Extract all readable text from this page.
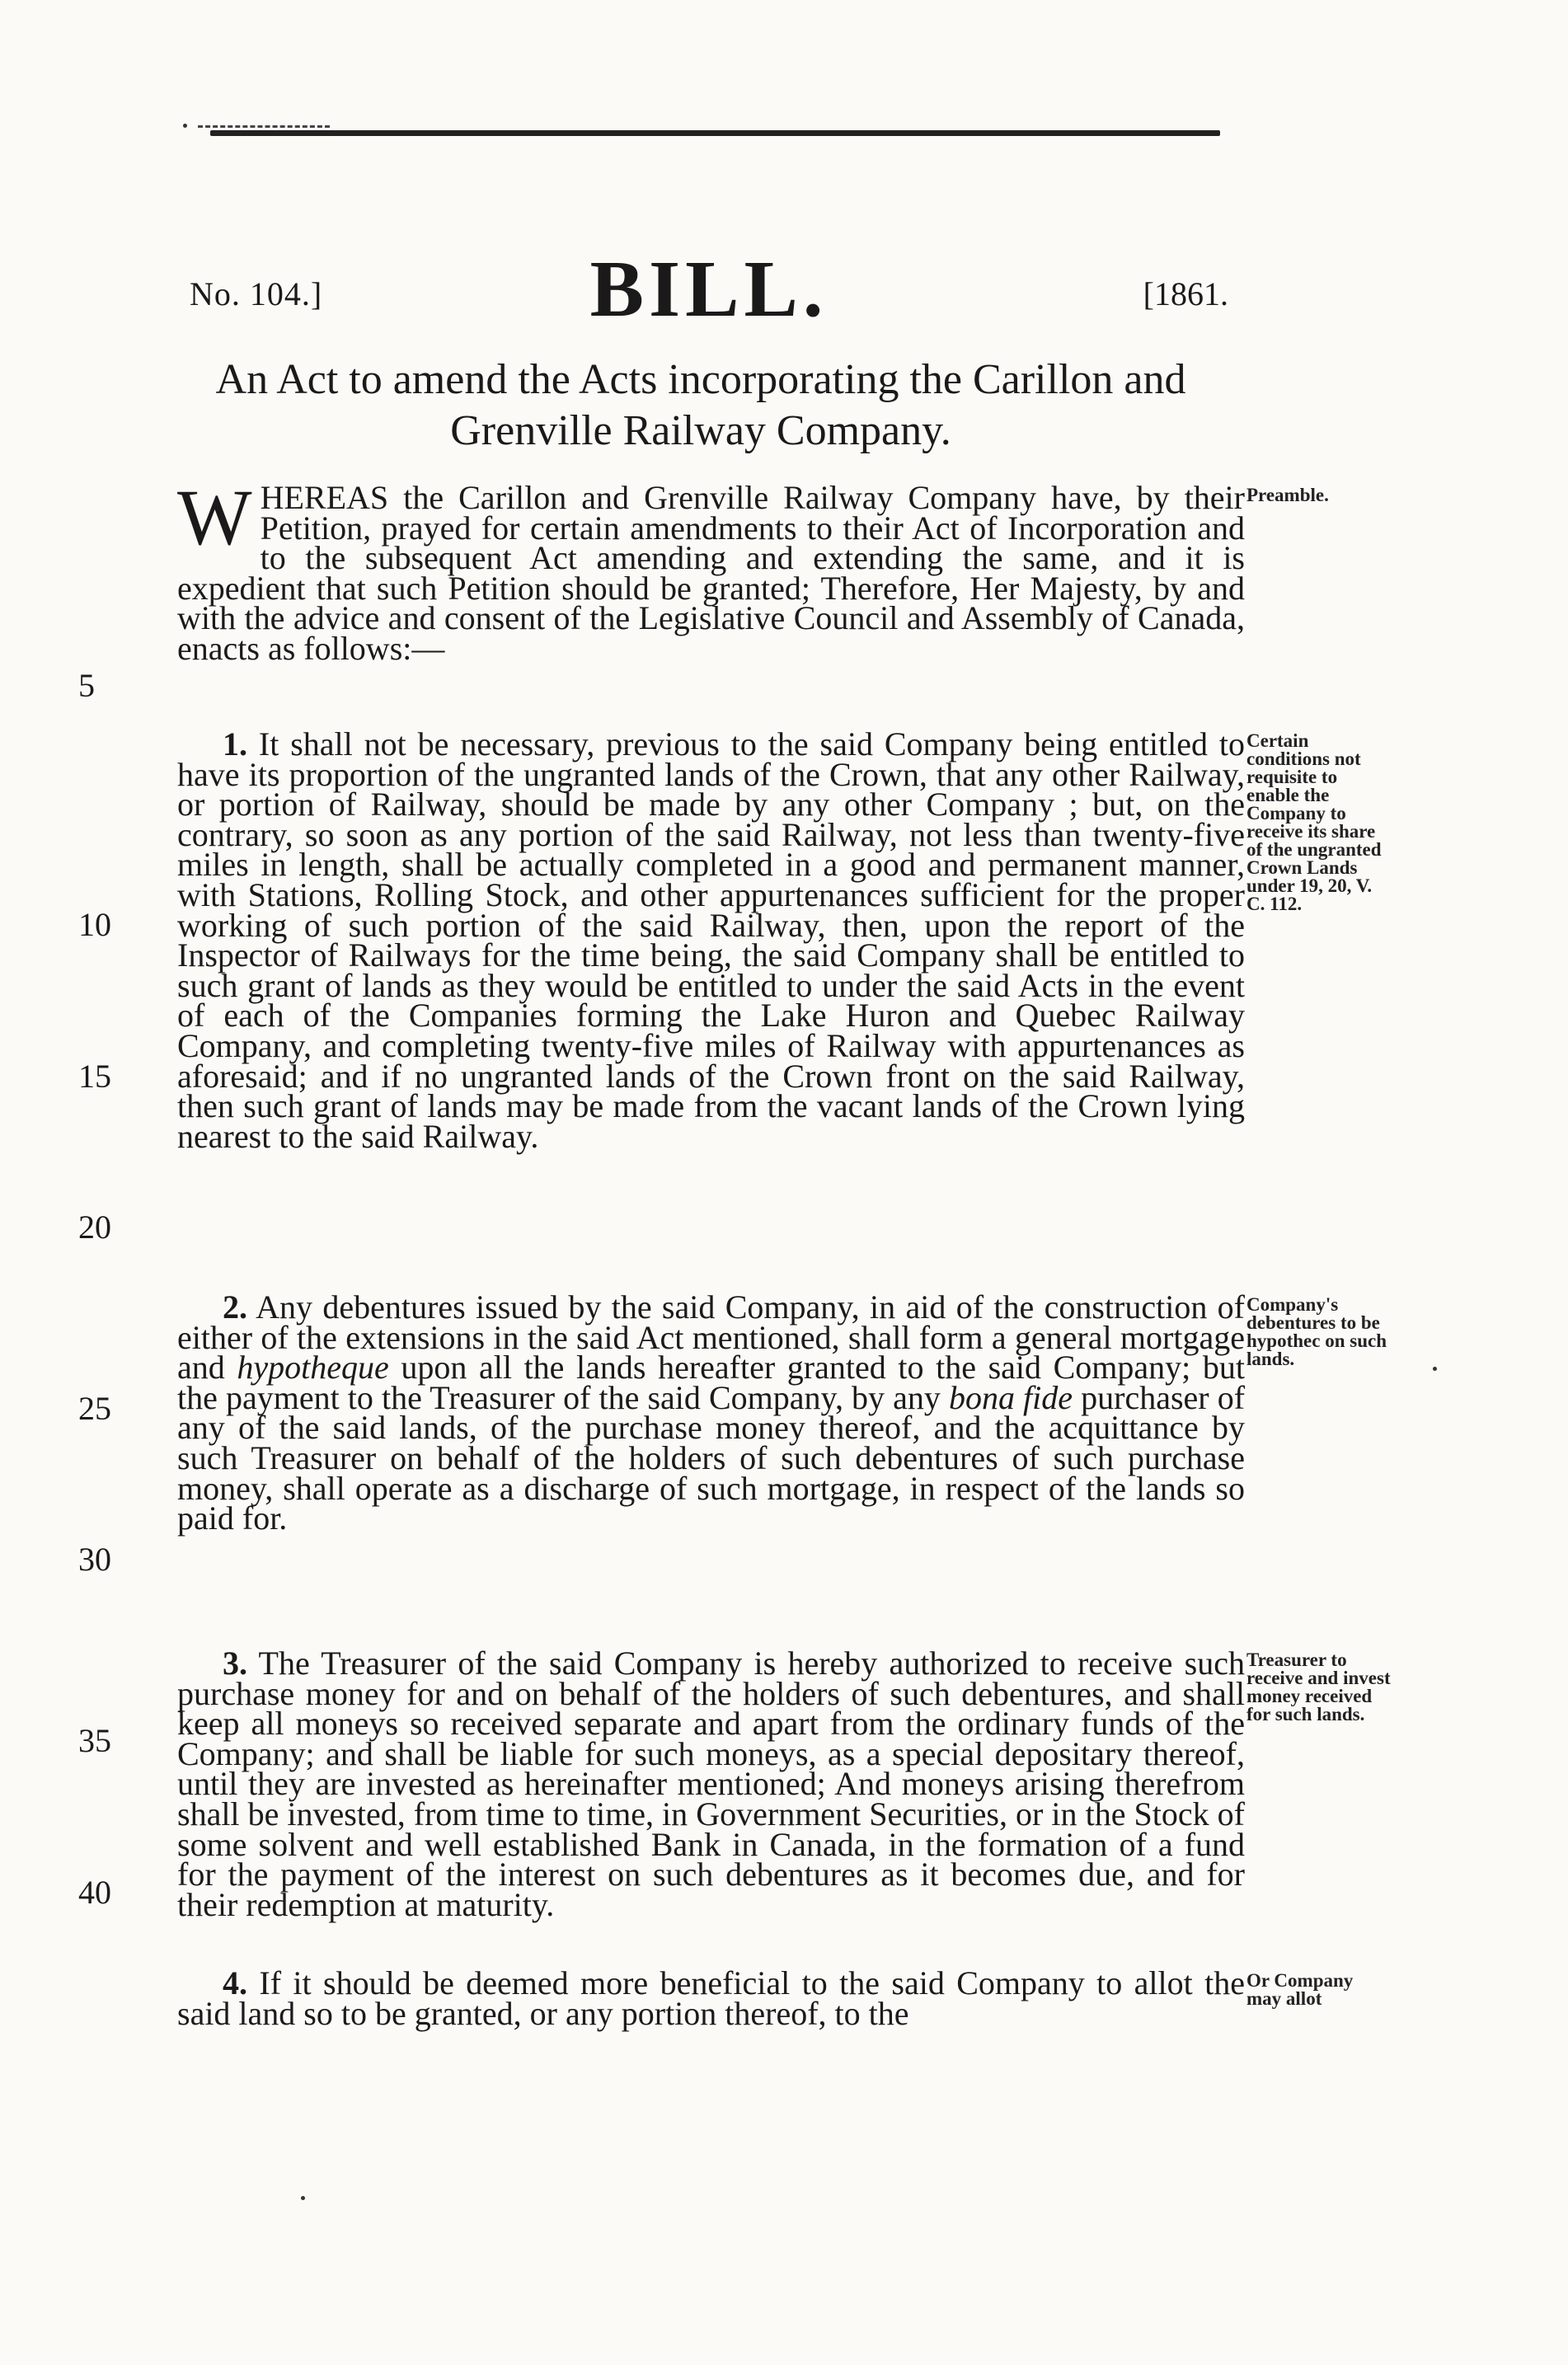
No. 104.]	BILL.	[1861.
An Act to amend the Acts incorporating the Carillon and
Grenville Railway Company.
5
10
15
20
25
30
35
40

WHEREAS the Carillon and Grenville Railway Company have, by their Petition, prayed for certain amendments to their Act of Incorporation and to the subsequent Act amending and extending the same, and it is expedient that such Petition should be granted; Therefore, Her Majesty, by and with the advice and consent of the Legislative Council and Assembly of Canada, enacts as follows:—

Preamble.

1. It shall not be necessary, previous to the said Company being entitled to have its proportion of the ungranted lands of the Crown, that any other Railway, or portion of Railway, should be made by any other Company ; but, on the contrary, so soon as any portion of the said Railway, not less than twenty-five miles in length, shall be actually completed in a good and permanent manner, with Stations, Rolling Stock, and other appurtenances sufficient for the proper working of such portion of the said Railway, then, upon the report of the Inspector of Railways for the time being, the said Company shall be entitled to such grant of lands as they would be entitled to under the said Acts in the event of each of the Companies forming the Lake Huron and Quebec Railway Company, and completing twenty-five miles of Railway with appurtenances as aforesaid; and if no ungranted lands of the Crown front on the said Railway, then such grant of lands may be made from the vacant lands of the Crown lying nearest to the said Railway.

Certain conditions not requisite to enable the Company to receive its share of the ungranted Crown Lands under 19, 20, V. C. 112.

2. Any debentures issued by the said Company, in aid of the construction of either of the extensions in the said Act mentioned, shall form a general mortgage and hypotheque upon all the lands hereafter granted to the said Company; but the payment to the Treasurer of the said Company, by any bona fide purchaser of any of the said lands, of the purchase money thereof, and the acquittance by such Treasurer on behalf of the holders of such debentures of such purchase money, shall operate as a discharge of such mortgage, in respect of the lands so paid for.

Company's debentures to be hypothec on such lands.

3. The Treasurer of the said Company is hereby authorized to receive such purchase money for and on behalf of the holders of such debentures, and shall keep all moneys so received separate and apart from the ordinary funds of the Company; and shall be liable for such moneys, as a special depositary thereof, until they are invested as hereinafter mentioned; And moneys arising therefrom shall be invested, from time to time, in Government Securities, or in the Stock of some solvent and well established Bank in Canada, in the formation of a fund for the payment of the interest on such debentures as it becomes due, and for their redemption at maturity.

Treasurer to receive and invest money received for such lands.

4. If it should be deemed more beneficial to the said Company to allot the said land so to be granted, or any portion thereof, to the

Or Company may allot
